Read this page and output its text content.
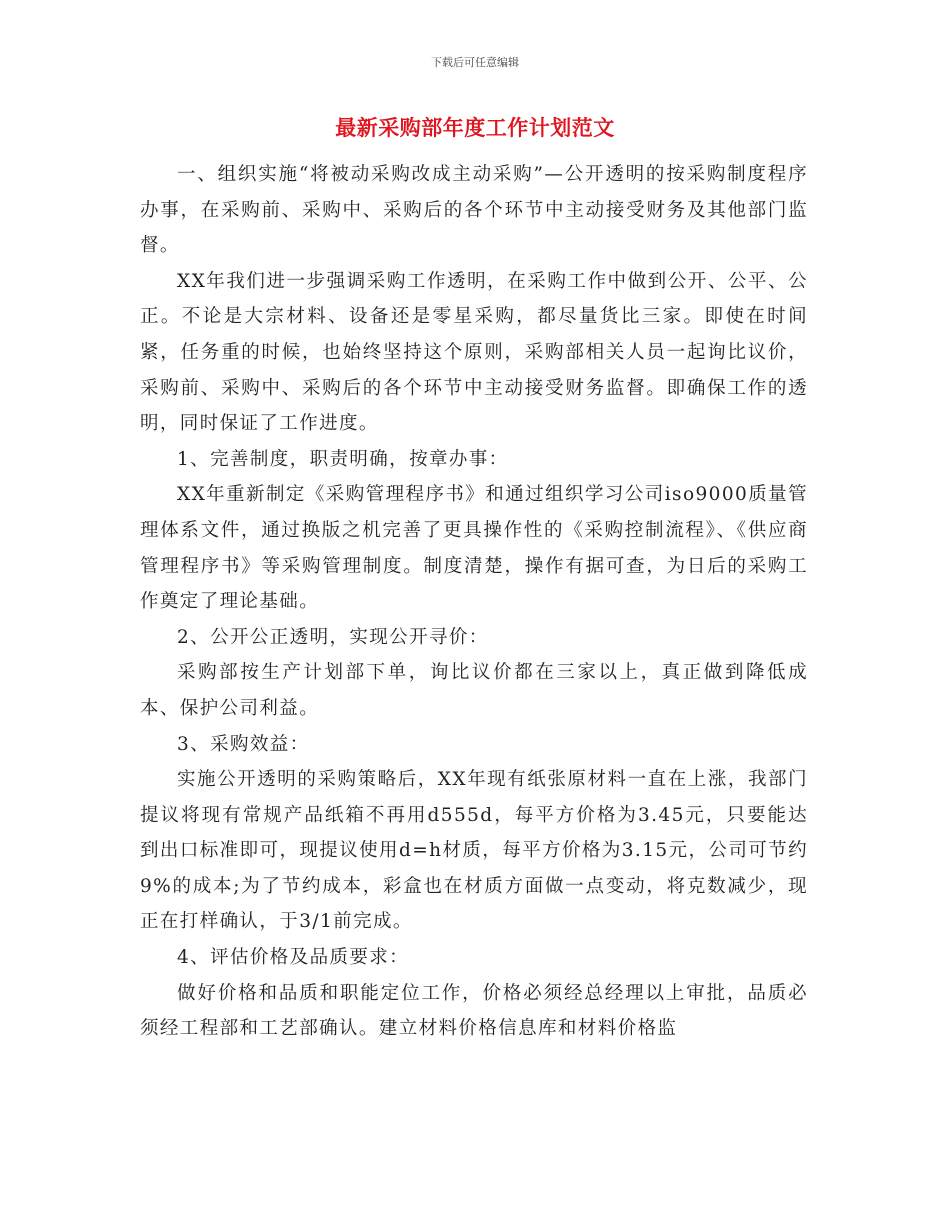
下载后可任意编辑
最新采购部年度工作计划范文

一、组织实施“将被动采购改成主动采购”—公开透明的按采购制度程序办事，在采购前、采购中、采购后的各个环节中主动接受财务及其他部门监督。

XX年我们进一步强调采购工作透明，在采购工作中做到公开、公平、公正。不论是大宗材料、设备还是零星采购，都尽量货比三家。即使在时间紧，任务重的时候，也始终坚持这个原则，采购部相关人员一起询比议价，采购前、采购中、采购后的各个环节中主动接受财务监督。即确保工作的透明，同时保证了工作进度。

1、完善制度，职责明确，按章办事：

XX年重新制定《采购管理程序书》和通过组织学习公司iso9000质量管理体系文件，通过换版之机完善了更具操作性的《采购控制流程》、《供应商管理程序书》等采购管理制度。制度清楚，操作有据可查，为日后的采购工作奠定了理论基础。

2、公开公正透明，实现公开寻价：

采购部按生产计划部下单，询比议价都在三家以上，真正做到降低成本、保护公司利益。

3、采购效益：

实施公开透明的采购策略后，XX年现有纸张原材料一直在上涨，我部门提议将现有常规产品纸箱不再用d555d，每平方价格为3.45元，只要能达到出口标准即可，现提议使用d=h材质，每平方价格为3.15元，公司可节约9%的成本;为了节约成本，彩盒也在材质方面做一点变动，将克数减少，现正在打样确认，于3/1前完成。

4、评估价格及品质要求：

做好价格和品质和职能定位工作，价格必须经总经理以上审批，品质必须经工程部和工艺部确认。建立材料价格信息库和材料价格监
